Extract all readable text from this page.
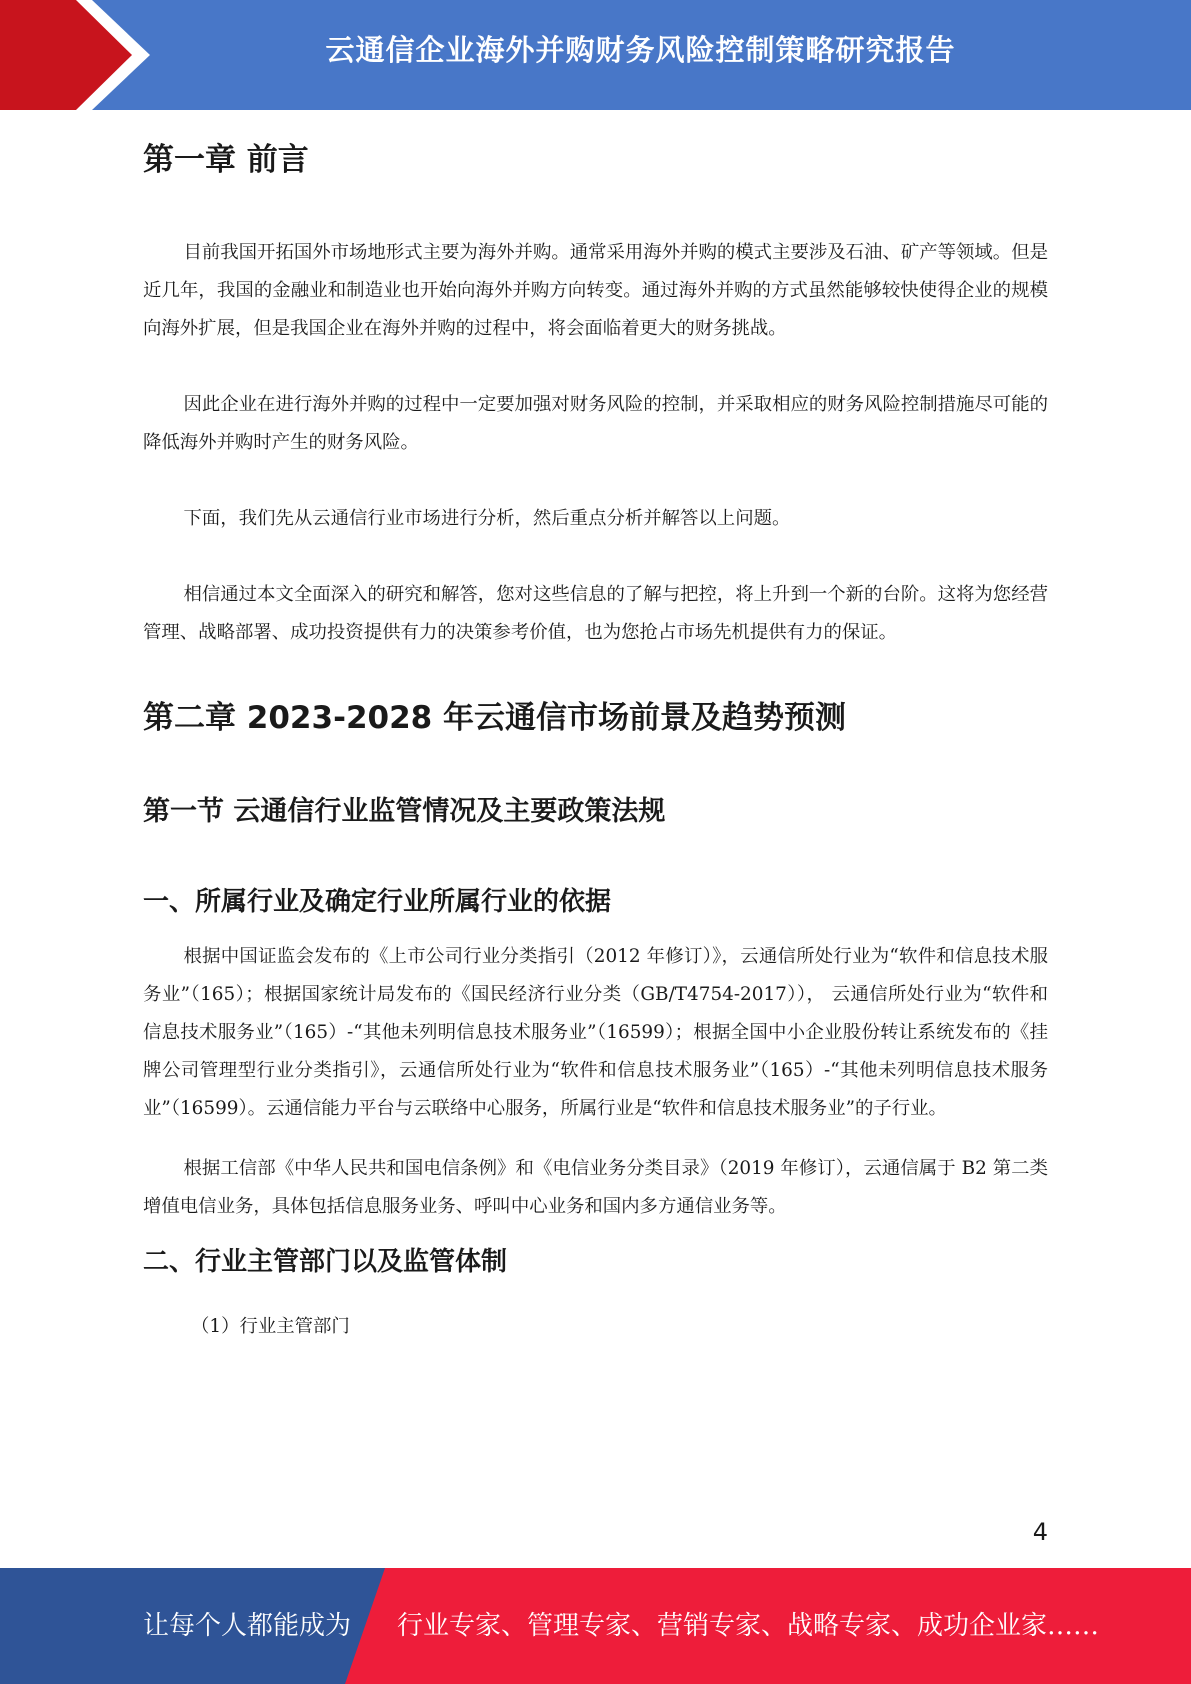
云通信企业海外并购财务风险控制策略研究报告
第一章 前言

目前我国开拓国外市场地形式主要为海外并购。通常采用海外并购的模式主要涉及石油、矿产等领域。但是近几年，我国的金融业和制造业也开始向海外并购方向转变。通过海外并购的方式虽然能够较快使得企业的规模向海外扩展，但是我国企业在海外并购的过程中，将会面临着更大的财务挑战。

因此企业在进行海外并购的过程中一定要加强对财务风险的控制，并采取相应的财务风险控制措施尽可能的降低海外并购时产生的财务风险。

下面，我们先从云通信行业市场进行分析，然后重点分析并解答以上问题。

相信通过本文全面深入的研究和解答，您对这些信息的了解与把控，将上升到一个新的台阶。这将为您经营管理、战略部署、成功投资提供有力的决策参考价值，也为您抢占市场先机提供有力的保证。

第二章 2023-2028 年云通信市场前景及趋势预测
第一节 云通信行业监管情况及主要政策法规
一、所属行业及确定行业所属行业的依据

根据中国证监会发布的《上市公司行业分类指引（2012 年修订）》，云通信所处行业为“软件和信息技术服务业”（165）；根据国家统计局发布的《国民经济行业分类（GB/T4754-2017））， 云通信所处行业为“软件和信息技术服务业”（165）-“其他未列明信息技术服务业”（16599）；根据全国中小企业股份转让系统发布的《挂牌公司管理型行业分类指引》，云通信所处行业为“软件和信息技术服务业”（165）-“其他未列明信息技术服务业”（16599）。云通信能力平台与云联络中心服务，所属行业是“软件和信息技术服务业”的子行业。

根据工信部《中华人民共和国电信条例》和《电信业务分类目录》（2019 年修订），云通信属于 B2 第二类增值电信业务，具体包括信息服务业务、呼叫中心业务和国内多方通信业务等。

二、行业主管部门以及监管体制

（1）行业主管部门

4
让每个人都能成为 行业专家、管理专家、营销专家、战略专家、成功企业家……
